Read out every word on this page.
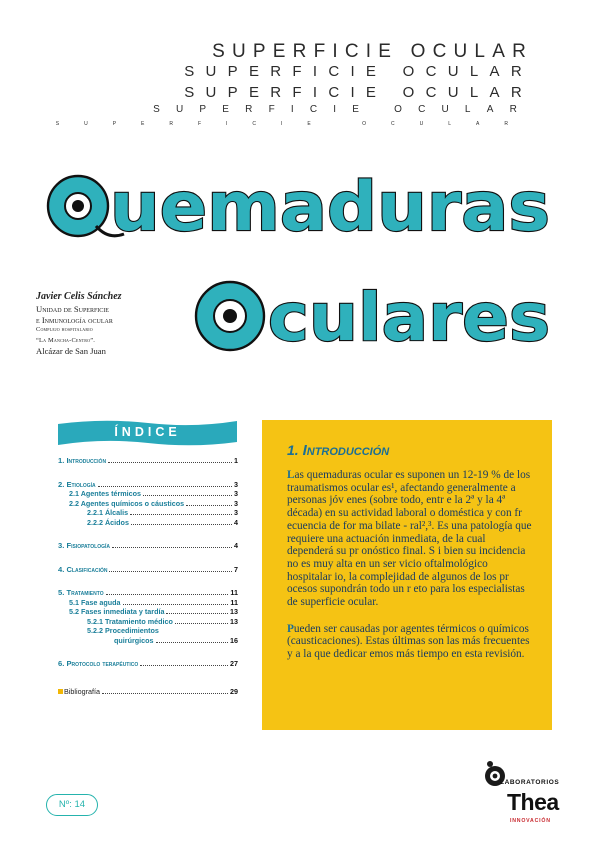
SUPERFICIE OCULAR
SUPERFICIE OCULAR
SUPERFICIE OCULAR
SUPERFICIE OCULAR
SUPERFICIE OCULAR
uemaduras
culares
Javier Celis Sánchez
Unidad de Superficie
e Inmunología ocular
Complejo hospitalario
“La Mancha-Centro”.
Alcázar de San Juan
ÍNDICE
1. Introducción	1
2. Etiología	3
2.1 Agentes térmicos	3
2.2 Agentes químicos o cáusticos	3
2.2.1 Álcalis	3
2.2.2 Ácidos	4
3. Fisiopatología	4
4. Clasificación	7
5. Tratamiento	11
5.1 Fase aguda	11
5.2 Fases inmediata y tardía	13
5.2.1 Tratamiento médico	13
5.2.2 Procedimientos
quirúrgicos	16
6. Protocolo terapéutico	27
Bibliografía	29
1. Introducción

Las quemaduras ocular es suponen un 12-19 % de los traumatismos ocular es¹, afectando generalmente a personas jóv enes (sobre todo, entr e la 2ª y la 4ª década) en su actividad laboral o doméstica y con fr ecuencia de for ma bilate - ral²,³. Es una patología que requiere una actuación inmediata, de la cual dependerá su pr onóstico final. S i bien su incidencia no es muy alta en un ser vicio oftalmológico hospitalar io, la complejidad de algunos de los pr ocesos supondrán todo un r eto para los especialistas de superficie ocular.

Pueden ser causadas por agentes térmicos o químicos (causticaciones). Estas últimas son las más frecuentes y a la que dedicar emos más tiempo en esta revisión.

Nº: 14
LABORATORIOS
Thea
INNOVACIÓN
